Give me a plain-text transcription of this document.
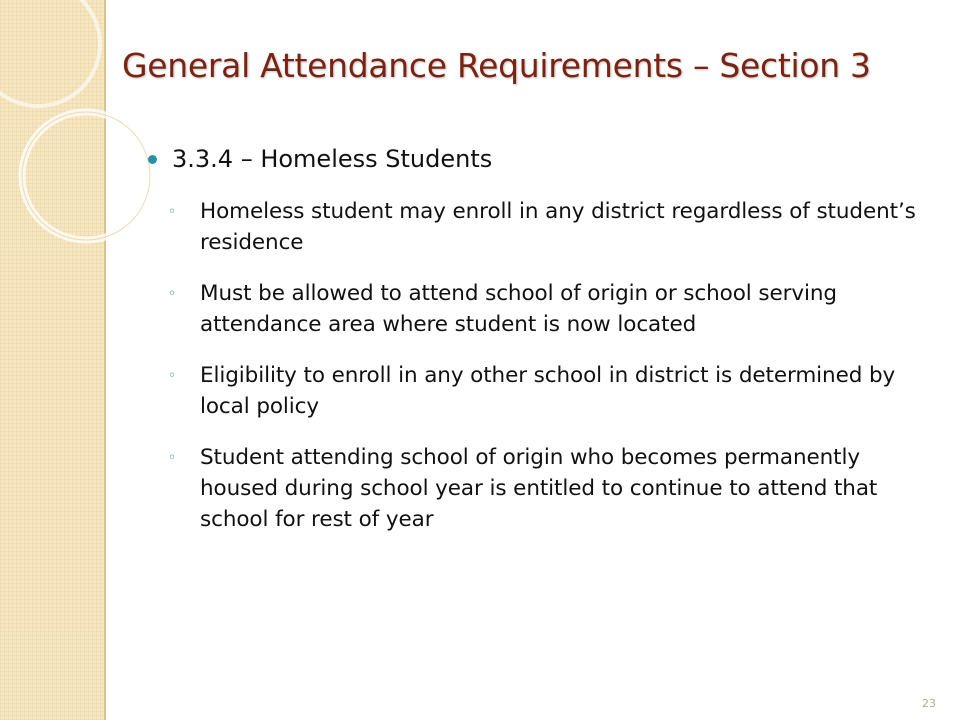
General Attendance Requirements – Section 3
3.3.4 – Homeless Students
◦ Homeless student may enroll in any district regardless of student’s residence
◦ Must be allowed to attend school of origin or school serving attendance area where student is now located
◦ Eligibility to enroll in any other school in district is determined by local policy
◦ Student attending school of origin who becomes permanently housed during school year is entitled to continue to attend that school for rest of year
23
